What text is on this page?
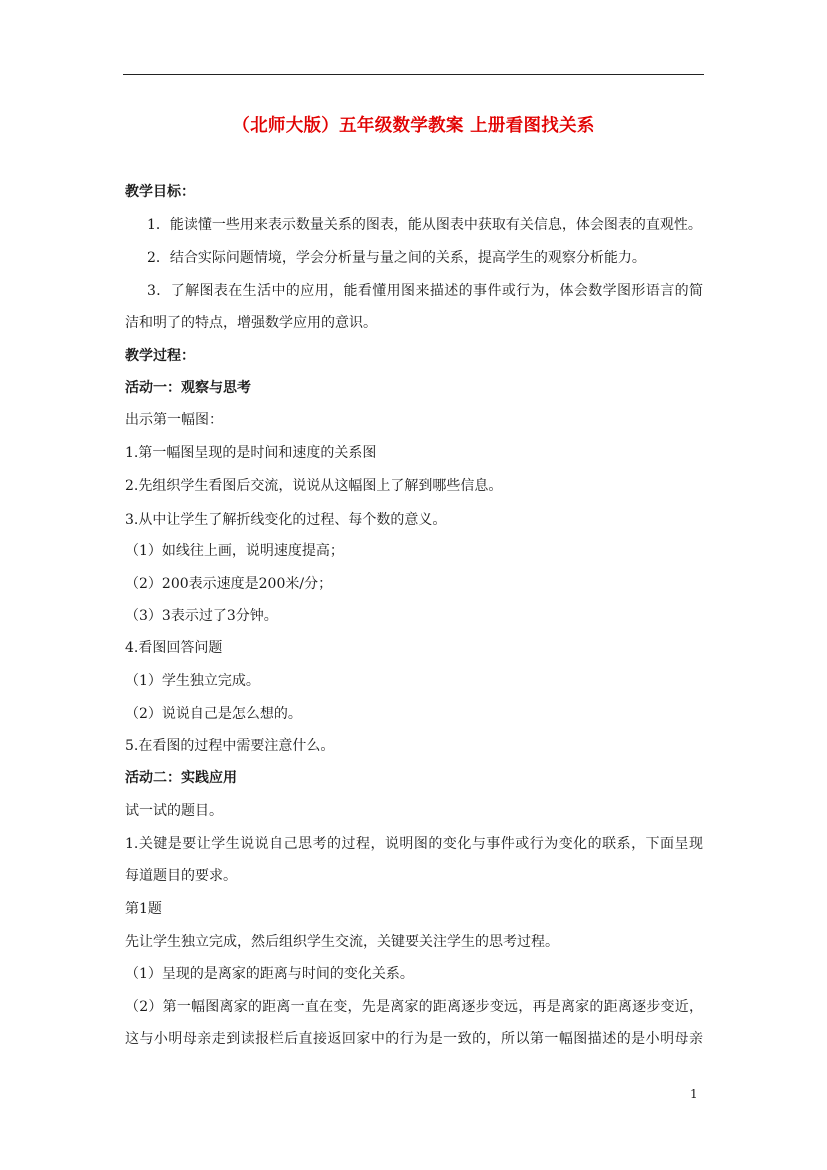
（北师大版）五年级数学教案 上册看图找关系
教学目标：
1．能读懂一些用来表示数量关系的图表，能从图表中获取有关信息，体会图表的直观性。
2．结合实际问题情境，学会分析量与量之间的关系，提高学生的观察分析能力。
3．了解图表在生活中的应用，能看懂用图来描述的事件或行为，体会数学图形语言的简
洁和明了的特点，增强数学应用的意识。
教学过程：
活动一：观察与思考
出示第一幅图：
1.第一幅图呈现的是时间和速度的关系图
2.先组织学生看图后交流，说说从这幅图上了解到哪些信息。
3.从中让学生了解折线变化的过程、每个数的意义。
（1）如线往上画，说明速度提高；
（2）200表示速度是200米/分；
（3）3表示过了3分钟。
4.看图回答问题
（1）学生独立完成。
（2）说说自己是怎么想的。
5.在看图的过程中需要注意什么。
活动二：实践应用
试一试的题目。
1.关键是要让学生说说自己思考的过程，说明图的变化与事件或行为变化的联系，下面呈现
每道题目的要求。
第1题
先让学生独立完成，然后组织学生交流，关键要关注学生的思考过程。
（1）呈现的是离家的距离与时间的变化关系。
（2）第一幅图离家的距离一直在变，先是离家的距离逐步变远，再是离家的距离逐步变近，
这与小明母亲走到读报栏后直接返回家中的行为是一致的，所以第一幅图描述的是小明母亲
1
